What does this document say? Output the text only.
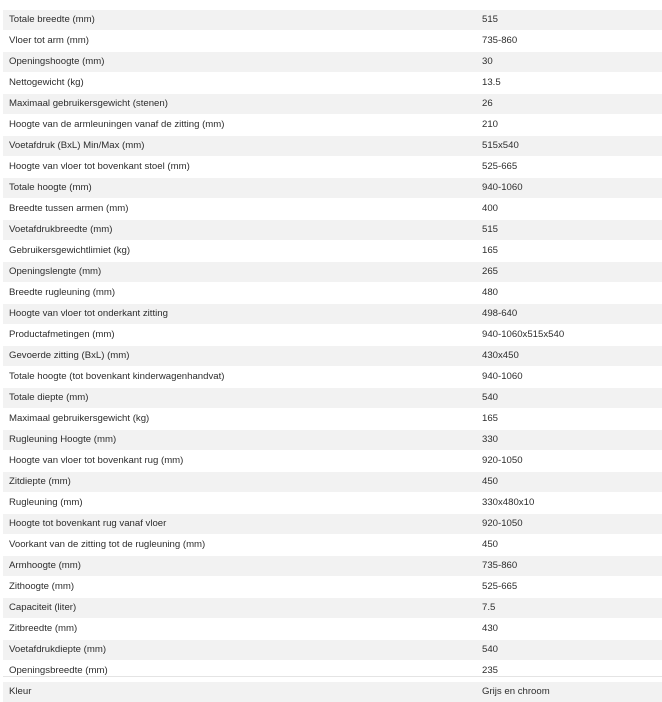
Totale breedte (mm)	515
Vloer tot arm (mm)	735-860
Openingshoogte (mm)	30
Nettogewicht (kg)	13.5
Maximaal gebruikersgewicht (stenen)	26
Hoogte van de armleuningen vanaf de zitting (mm)	210
Voetafdruk (BxL) Min/Max (mm)	515x540
Hoogte van vloer tot bovenkant stoel (mm)	525-665
Totale hoogte (mm)	940-1060
Breedte tussen armen (mm)	400
Voetafdrukbreedte (mm)	515
Gebruikersgewichtlimiet (kg)	165
Openingslengte (mm)	265
Breedte rugleuning (mm)	480
Hoogte van vloer tot onderkant zitting	498-640
Productafmetingen (mm)	940-1060x515x540
Gevoerde zitting (BxL) (mm)	430x450
Totale hoogte (tot bovenkant kinderwagenhandvat)	940-1060
Totale diepte (mm)	540
Maximaal gebruikersgewicht (kg)	165
Rugleuning Hoogte (mm)	330
Hoogte van vloer tot bovenkant rug (mm)	920-1050
Zitdiepte (mm)	450
Rugleuning (mm)	330x480x10
Hoogte tot bovenkant rug vanaf vloer	920-1050
Voorkant van de zitting tot de rugleuning (mm)	450
Armhoogte (mm)	735-860
Zithoogte (mm)	525-665
Capaciteit (liter)	7.5
Zitbreedte (mm)	430
Voetafdrukdiepte (mm)	540
Openingsbreedte (mm)	235
Kleur	Grijs en chroom
